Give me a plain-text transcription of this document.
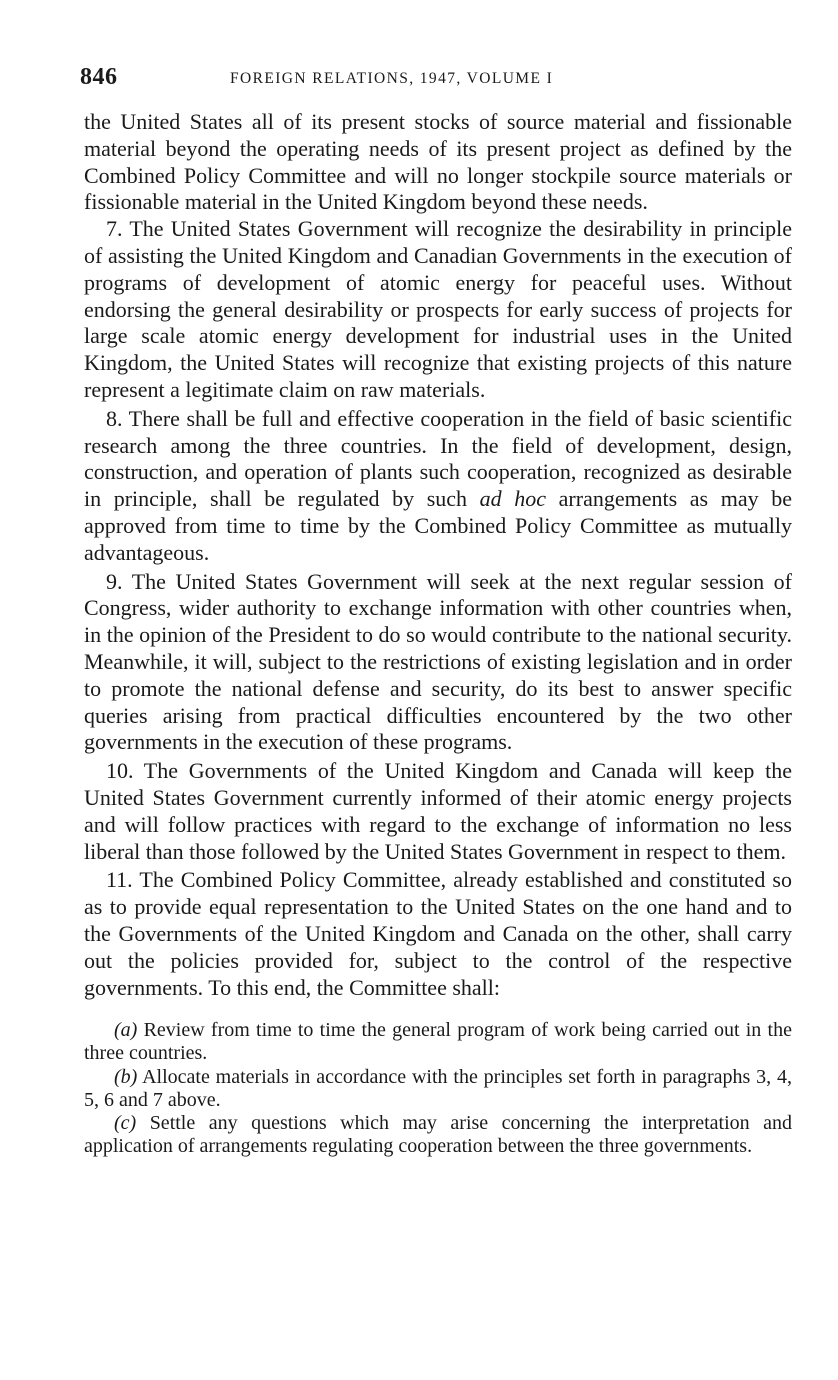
846	FOREIGN RELATIONS, 1947, VOLUME I

the United States all of its present stocks of source material and fissionable material beyond the operating needs of its present project as defined by the Combined Policy Committee and will no longer stockpile source materials or fissionable material in the United Kingdom beyond these needs.

7. The United States Government will recognize the desirability in principle of assisting the United Kingdom and Canadian Governments in the execution of programs of development of atomic energy for peaceful uses. Without endorsing the general desirability or prospects for early success of projects for large scale atomic energy development for industrial uses in the United Kingdom, the United States will recognize that existing projects of this nature represent a legitimate claim on raw materials.

8. There shall be full and effective cooperation in the field of basic scientific research among the three countries. In the field of development, design, construction, and operation of plants such cooperation, recognized as desirable in principle, shall be regulated by such ad hoc arrangements as may be approved from time to time by the Combined Policy Committee as mutually advantageous.

9. The United States Government will seek at the next regular session of Congress, wider authority to exchange information with other countries when, in the opinion of the President to do so would contribute to the national security. Meanwhile, it will, subject to the restrictions of existing legislation and in order to promote the national defense and security, do its best to answer specific queries arising from practical difficulties encountered by the two other governments in the execution of these programs.

10. The Governments of the United Kingdom and Canada will keep the United States Government currently informed of their atomic energy projects and will follow practices with regard to the exchange of information no less liberal than those followed by the United States Government in respect to them.

11. The Combined Policy Committee, already established and constituted so as to provide equal representation to the United States on the one hand and to the Governments of the United Kingdom and Canada on the other, shall carry out the policies provided for, subject to the control of the respective governments. To this end, the Committee shall:

(a) Review from time to time the general program of work being carried out in the three countries.

(b) Allocate materials in accordance with the principles set forth in paragraphs 3, 4, 5, 6 and 7 above.

(c) Settle any questions which may arise concerning the interpretation and application of arrangements regulating cooperation between the three governments.
